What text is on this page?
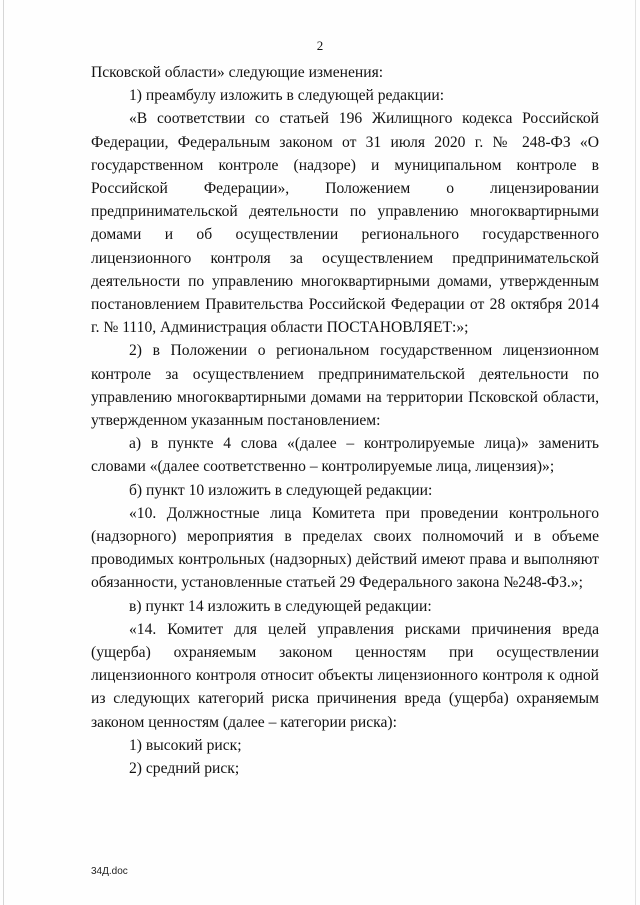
2

Псковской области» следующие изменения:

1) преамбулу изложить в следующей редакции:

«В соответствии со статьей 196 Жилищного кодекса Российской Федерации, Федеральным законом от 31 июля 2020 г. № 248-ФЗ «О государственном контроле (надзоре) и муниципальном контроле в Российской Федерации», Положением о лицензировании предпринимательской деятельности по управлению многоквартирными домами и об осуществлении регионального государственного лицензионного контроля за осуществлением предпринимательской деятельности по управлению многоквартирными домами, утвержденным постановлением Правительства Российской Федерации от 28 октября 2014 г. № 1110, Администрация области ПОСТАНОВЛЯЕТ:»;

2) в Положении о региональном государственном лицензионном контроле за осуществлением предпринимательской деятельности по управлению многоквартирными домами на территории Псковской области, утвержденном указанным постановлением:

а) в пункте 4 слова «(далее – контролируемые лица)» заменить словами «(далее соответственно – контролируемые лица, лицензия)»;

б) пункт 10 изложить в следующей редакции:

«10. Должностные лица Комитета при проведении контрольного (надзорного) мероприятия в пределах своих полномочий и в объеме проводимых контрольных (надзорных) действий имеют права и выполняют обязанности, установленные статьей 29 Федерального закона №248-ФЗ.»;

в) пункт 14 изложить в следующей редакции:

«14. Комитет для целей управления рисками причинения вреда (ущерба) охраняемым законом ценностям при осуществлении лицензионного контроля относит объекты лицензионного контроля к одной из следующих категорий риска причинения вреда (ущерба) охраняемым законом ценностям (далее – категории риска):

1) высокий риск;

2) средний риск;

34Д.doc
